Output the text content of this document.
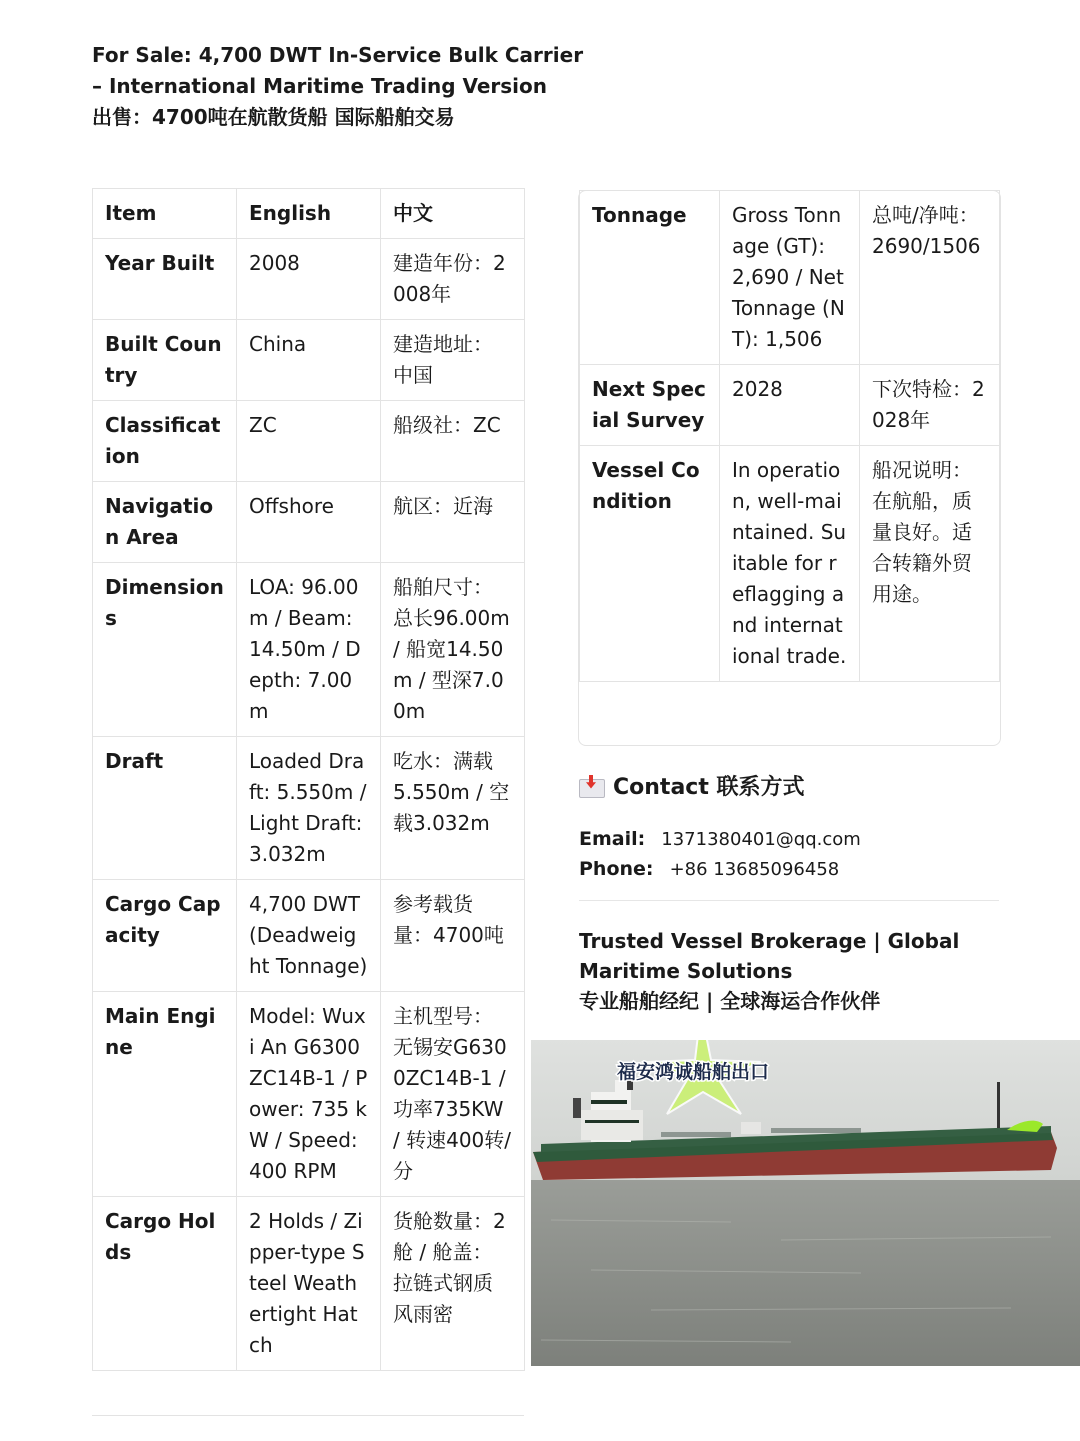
For Sale: 4,700 DWT In-Service Bulk Carrier
– International Maritime Trading Version
出售：4700吨在航散货船 国际船舶交易
Item	English	中文
Year Built	2008	建造年份：2008年
Built Country	China	建造地址：中国
Classification	ZC	船级社：ZC
Navigation Area	Offshore	航区：近海
Dimensions	LOA: 96.00m / Beam: 14.50m / Depth: 7.00m	船舶尺寸：总长96.00m / 船宽14.50m / 型深7.00m
Draft	Loaded Draft: 5.550m / Light Draft: 3.032m	吃水：满载5.550m / 空载3.032m
Cargo Capacity	4,700 DWT (Deadweight Tonnage)	参考载货量：4700吨
Main Engine	Model: Wuxi An G6300ZC14B-1 / Power: 735 kW / Speed: 400 RPM	主机型号：无锡安G6300ZC14B-1 / 功率735KW / 转速400转/分
Cargo Holds	2 Holds / Zipper-type Steel Weathertight Hatch	货舱数量：2舱 / 舱盖：拉链式钢质风雨密
Tonnage	Gross Tonnage (GT): 2,690 / Net Tonnage (NT): 1,506	总吨/净吨：2690/1506
Next Special Survey	2028	下次特检：2028年
Vessel Condition	In operation, well-maintained. Suitable for reflagging and international trade.	船况说明：在航船，质量良好。适合转籍外贸用途。
Contact 联系方式
Email: 1371380401@qq.com
Phone: +86 13685096458
Trusted Vessel Brokerage | Global Maritime Solutions
专业船舶经纪 | 全球海运合作伙伴
福安鸿诚船舶出口
